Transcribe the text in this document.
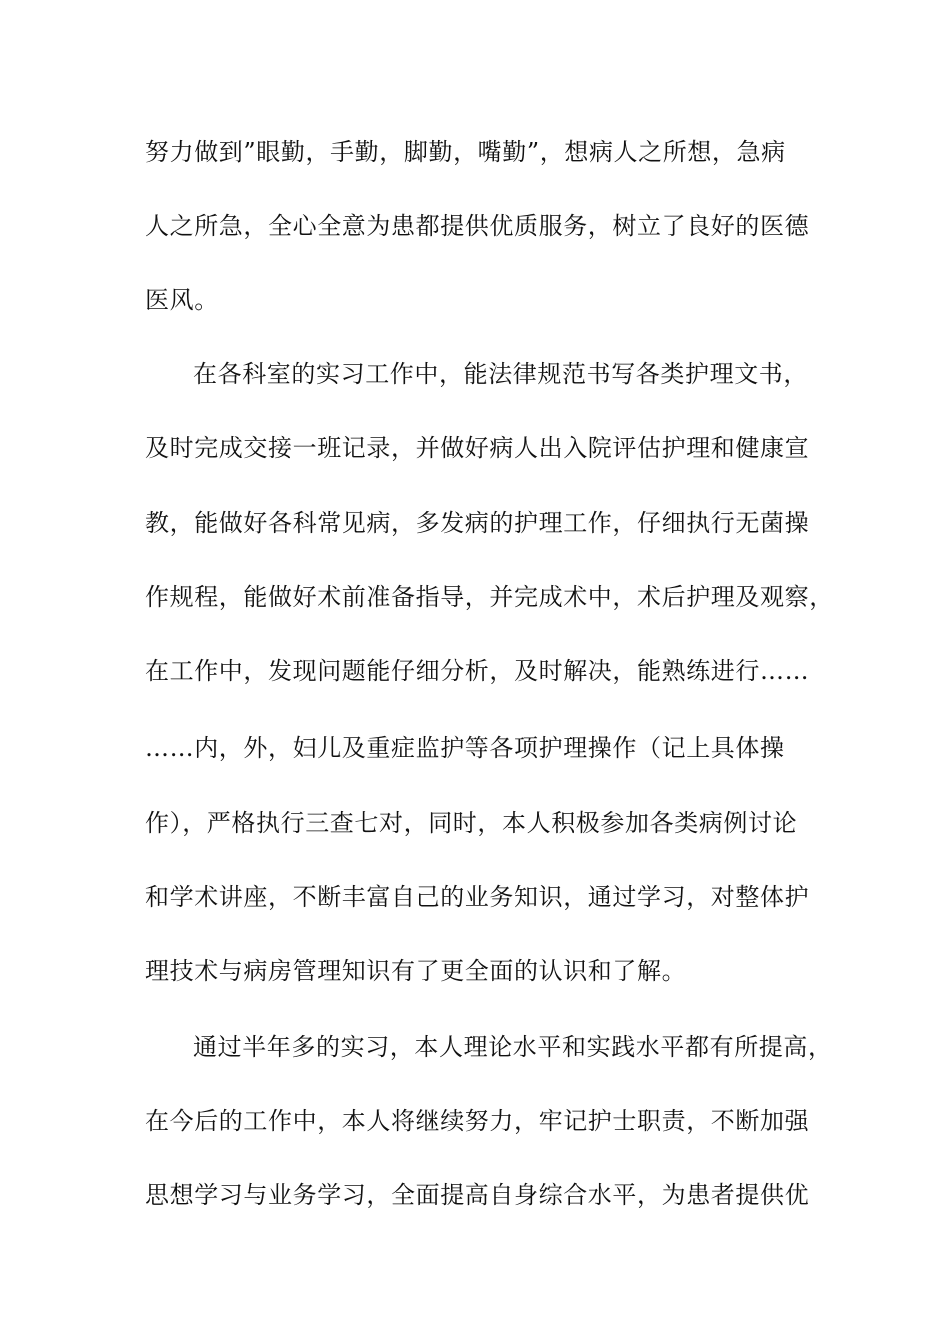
努力做到”眼勤，手勤，脚勤，嘴勤”，想病人之所想，急病
人之所急，全心全意为患都提供优质服务，树立了良好的医德
医风。
在各科室的实习工作中，能法律规范书写各类护理文书，
及时完成交接一班记录，并做好病人出入院评估护理和健康宣
教，能做好各科常见病，多发病的护理工作，仔细执行无菌操
作规程，能做好术前准备指导，并完成术中，术后护理及观察，
在工作中，发现问题能仔细分析，及时解决，能熟练进行……
……内，外，妇儿及重症监护等各项护理操作（记上具体操
作），严格执行三查七对，同时，本人积极参加各类病例讨论
和学术讲座，不断丰富自己的业务知识，通过学习，对整体护
理技术与病房管理知识有了更全面的认识和了解。
通过半年多的实习，本人理论水平和实践水平都有所提高，
在今后的工作中，本人将继续努力，牢记护士职责，不断加强
思想学习与业务学习，全面提高自身综合水平，为患者提供优
